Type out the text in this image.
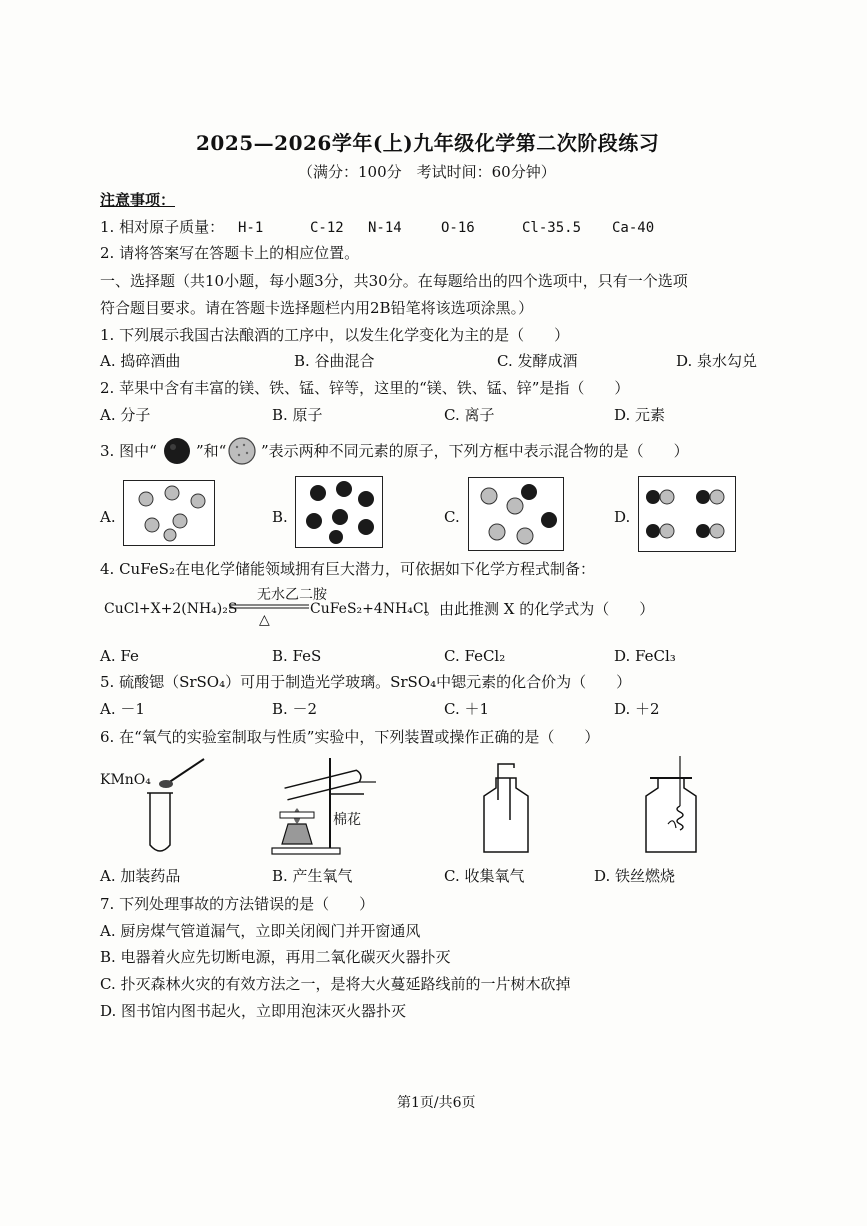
2025—2026学年(上)九年级化学第二次阶段练习
（满分：100分　考试时间：60分钟）
注意事项：
1. 相对原子质量： H-1	C-12 N-14	O-16	Cl-35.5 Ca-40
2. 请将答案写在答题卡上的相应位置。
一、选择题（共10小题，每小题3分，共30分。在每题给出的四个选项中，只有一个选项
符合题目要求。请在答题卡选择题栏内用2B铅笔将该选项涂黑。）
1. 下列展示我国古法酿酒的工序中，以发生化学变化为主的是（　　）
A. 捣碎酒曲	B. 谷曲混合	C. 发酵成酒	D. 泉水勾兑
2. 苹果中含有丰富的镁、铁、锰、锌等，这里的“镁、铁、锰、锌”是指（　　）
A. 分子	B. 原子	C. 离子	D. 元素
3. 图中“	”和“ ”表示两种不同元素的原子，下列方框中表示混合物的是（　　）
A.	B.	C.	D.
4. CuFeS₂在电化学储能领域拥有巨大潜力，可依据如下化学方程式制备：
CuCl+X+2(NH₄)₂S
无水乙二胺
△
CuFeS₂+4NH₄Cl
。由此推测 X 的化学式为（　　）
A. Fe	B. FeS	C. FeCl₂	D. FeCl₃
5. 硫酸锶（SrSO₄）可用于制造光学玻璃。SrSO₄中锶元素的化合价为（　　）
A. －1	B. －2	C. ＋1	D. ＋2
6. 在“氧气的实验室制取与性质”实验中，下列装置或操作正确的是（　　）
KMnO₄
棉花
A. 加装药品	B. 产生氧气	C. 收集氧气	D. 铁丝燃烧
7. 下列处理事故的方法错误的是（　　）
A. 厨房煤气管道漏气，立即关闭阀门并开窗通风
B. 电器着火应先切断电源，再用二氧化碳灭火器扑灭
C. 扑灭森林火灾的有效方法之一，是将大火蔓延路线前的一片树木砍掉
D. 图书馆内图书起火，立即用泡沫灭火器扑灭
第1页/共6页
